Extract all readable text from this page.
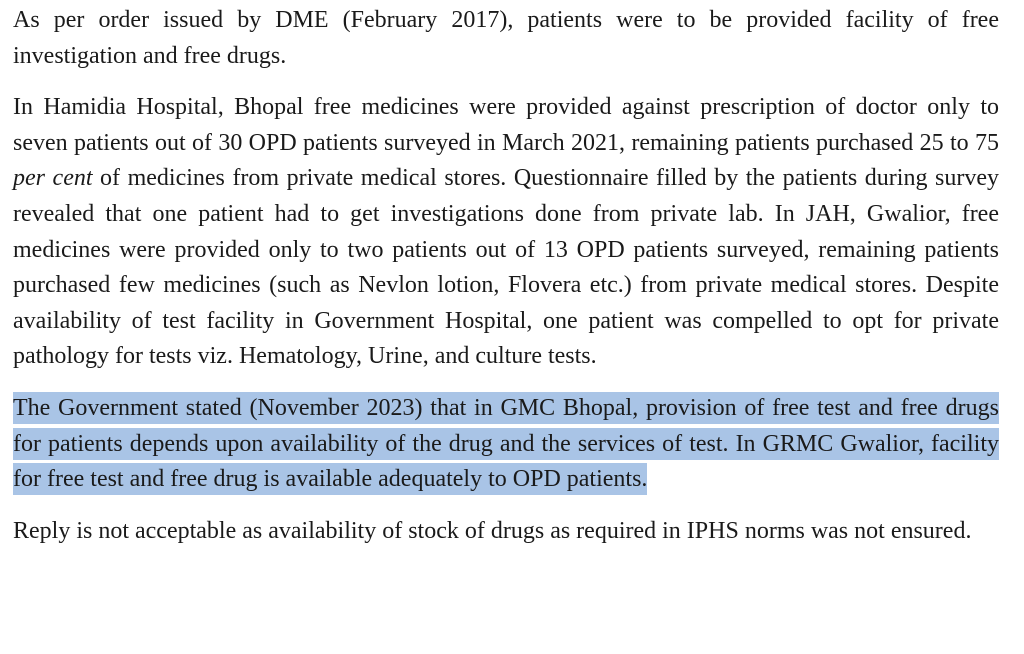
As per order issued by DME (February 2017), patients were to be provided facility of free investigation and free drugs.

In Hamidia Hospital, Bhopal free medicines were provided against prescription of doctor only to seven patients out of 30 OPD patients surveyed in March 2021, remaining patients purchased 25 to 75 per cent of medicines from private medical stores. Questionnaire filled by the patients during survey revealed that one patient had to get investigations done from private lab. In JAH, Gwalior, free medicines were provided only to two patients out of 13 OPD patients surveyed, remaining patients purchased few medicines (such as Nevlon lotion, Flovera etc.) from private medical stores. Despite availability of test facility in Government Hospital, one patient was compelled to opt for private pathology for tests viz. Hematology, Urine, and culture tests.

The Government stated (November 2023) that in GMC Bhopal, provision of free test and free drugs for patients depends upon availability of the drug and the services of test. In GRMC Gwalior, facility for free test and free drug is available adequately to OPD patients.

Reply is not acceptable as availability of stock of drugs as required in IPHS norms was not ensured.
